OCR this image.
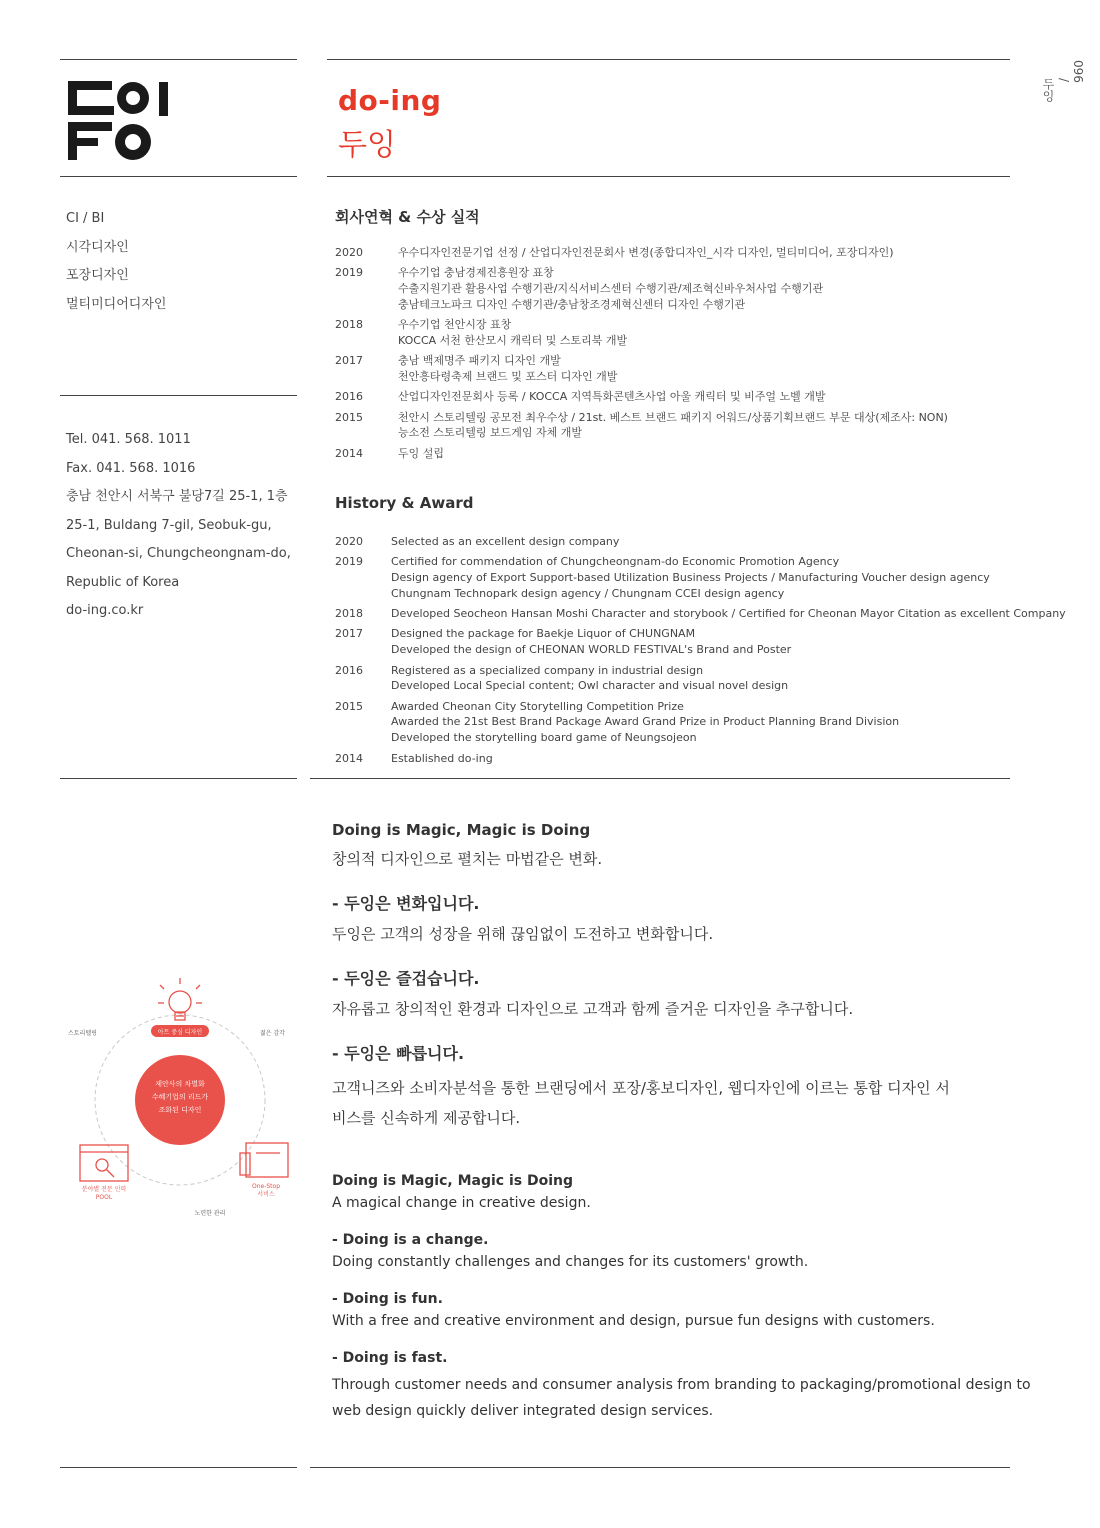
do-ing
두잉
096
/
두잉
CI / BI
시각디자인
포장디자인
멀티미디어디자인
Tel. 041. 568. 1011
Fax. 041. 568. 1016
충남 천안시 서북구 불당7길 25-1, 1층
25-1, Buldang 7-gil, Seobuk-gu,
Cheonan-si, Chungcheongnam-do,
Republic of Korea
do-ing.co.kr
회사연혁 & 수상 실적
2020	우수디자인전문기업 선정 / 산업디자인전문회사 변경(종합디자인_시각 디자인, 멀티미디어, 포장디자인)
2019	우수기업 충남경제진흥원장 표창
수출지원기관 활용사업 수행기관/지식서비스센터 수행기관/제조혁신바우처사업 수행기관
충남테크노파크 디자인 수행기관/충남창조경제혁신센터 디자인 수행기관
2018	우수기업 천안시장 표창
KOCCA 서천 한산모시 캐릭터 및 스토리북 개발
2017	충남 백제명주 패키지 디자인 개발
천안흥타령축제 브랜드 및 포스터 디자인 개발
2016	산업디자인전문회사 등록 / KOCCA 지역특화콘텐츠사업 아울 캐릭터 및 비주얼 노벨 개발
2015	천안시 스토리텔링 공모전 최우수상 / 21st. 베스트 브랜드 패키지 어워드/상품기획브랜드 부문 대상(제조사: NON)
능소전 스토리텔링 보드게임 자체 개발
2014	두잉 설립
History & Award
2020	Selected as an excellent design company
2019	Certified for commendation of Chungcheongnam-do Economic Promotion Agency
Design agency of Export Support-based Utilization Business Projects / Manufacturing Voucher design agency
Chungnam Technopark design agency / Chungnam CCEI design agency
2018	Developed Seocheon Hansan Moshi Character and storybook / Certified for Cheonan Mayor Citation as excellent Company
2017	Designed the package for Baekje Liquor of CHUNGNAM
Developed the design of CHEONAN WORLD FESTIVAL's Brand and Poster
2016	Registered as a specialized company in industrial design
Developed Local Special content; Owl character and visual novel design
2015	Awarded Cheonan City Storytelling Competition Prize
Awarded the 21st Best Brand Package Award Grand Prize in Product Planning Brand Division
Developed the storytelling board game of Neungsojeon
2014	Established do-ing
Doing is Magic, Magic is Doing
창의적 디자인으로 펼치는 마법같은 변화.
- 두잉은 변화입니다.
두잉은 고객의 성장을 위해 끊임없이 도전하고 변화합니다.
- 두잉은 즐겁습니다.
자유롭고 창의적인 환경과 디자인으로 고객과 함께 즐거운 디자인을 추구합니다.
- 두잉은 빠릅니다.
고객니즈와 소비자분석을 통한 브랜딩에서 포장/홍보디자인, 웹디자인에 이르는 통합 디자인 서
비스를 신속하게 제공합니다.
Doing is Magic, Magic is Doing
A magical change in creative design.
- Doing is a change.
Doing constantly challenges and changes for its customers' growth.
- Doing is fun.
With a free and creative environment and design, pursue fun designs with customers.
- Doing is fast.
Through customer needs and consumer analysis from branding to packaging/promotional design to
web design quickly deliver integrated design services.
제안사의 차별화
수혜기업의 리드가
조화된 디자인
아트 중심 디자인
스토리텔링	젊은 감각
분야별 전문 인력
POOL
One-Stop
서비스
노련한 관리
